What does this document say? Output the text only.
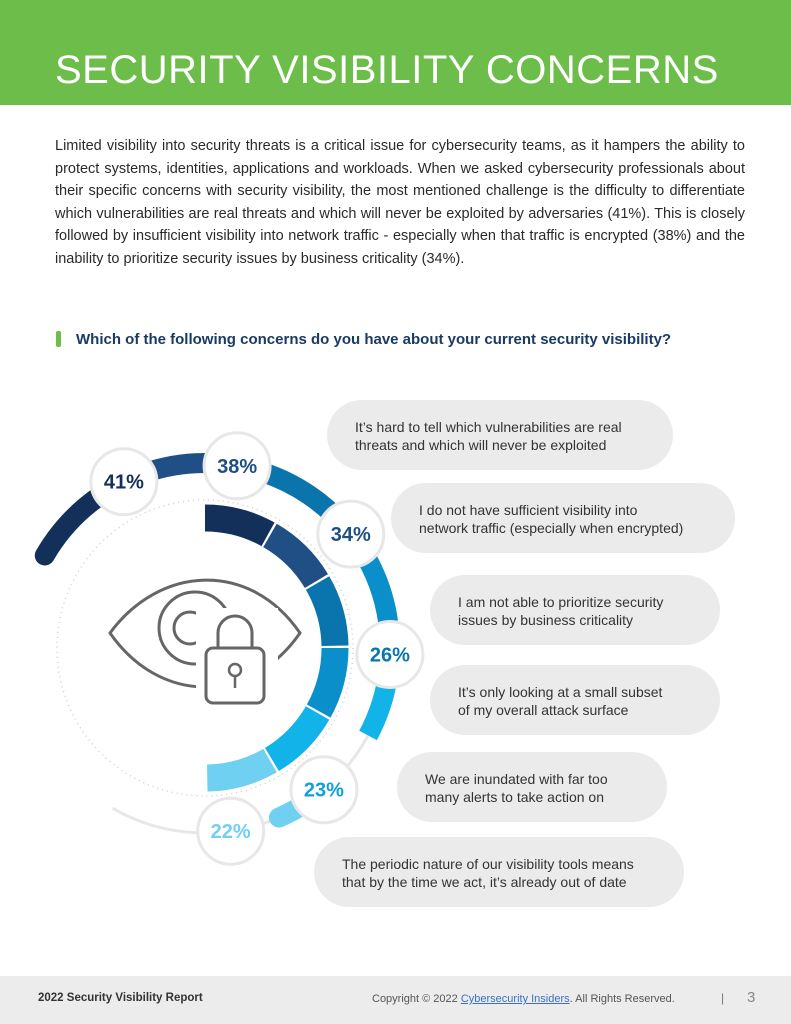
SECURITY VISIBILITY CONCERNS

Limited visibility into security threats is a critical issue for cybersecurity teams, as it hampers the ability to protect systems, identities, applications and workloads. When we asked cybersecurity professionals about their specific concerns with security visibility, the most mentioned challenge is the difficulty to differentiate which vulnerabilities are real threats and which will never be exploited by adversaries (41%). This is closely followed by insufficient visibility into network traffic - especially when that traffic is encrypted (38%) and the inability to prioritize security issues by business criticality (34%).

Which of the following concerns do you have about your current security visibility?

It’s hard to tell which vulnerabilities are real threats and which will never be exploited
I do not have sufficient visibility into network traffic (especially when encrypted)
I am not able to prioritize security issues by business criticality
It’s only looking at a small subset of my overall attack surface
We are inundated with far too many alerts to take action on
The periodic nature of our visibility tools means that by the time we act, it’s already out of date
41%
38%
34%
26%
23%
22%
2022 Security Visibility Report	Copyright © 2022 Cybersecurity Insiders. All Rights Reserved.	| 3
